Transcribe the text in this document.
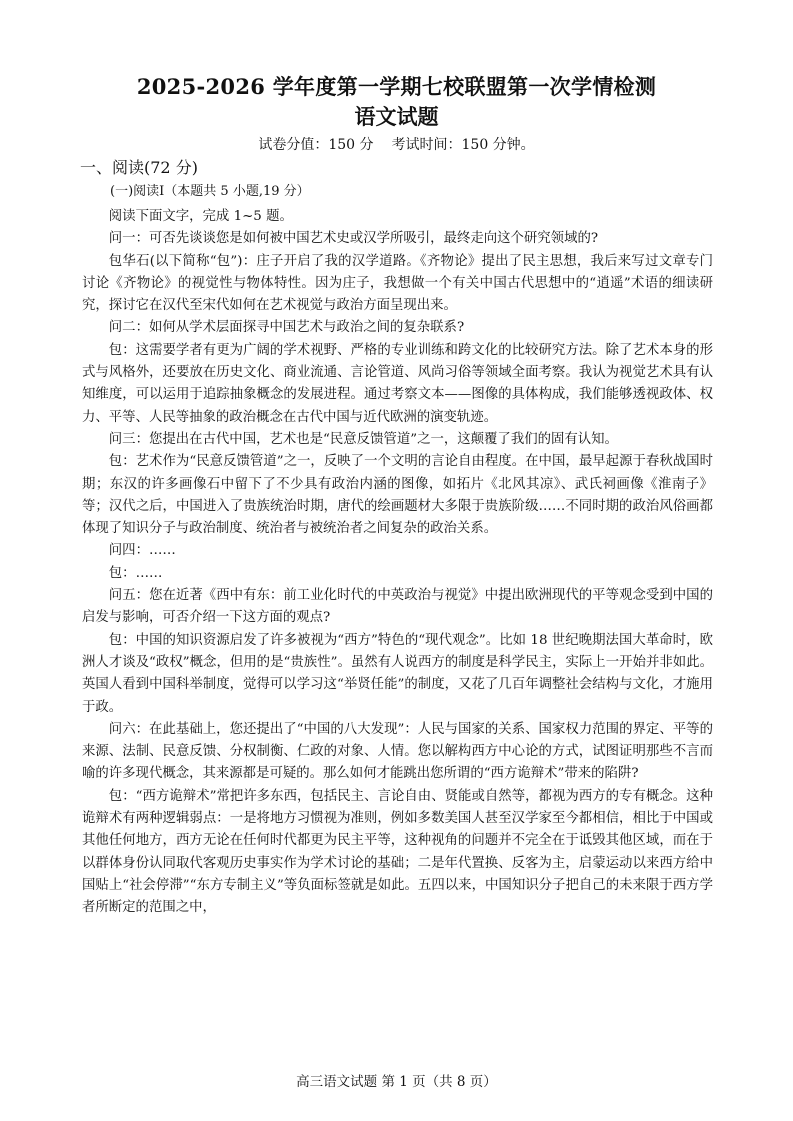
2025-2026 学年度第一学期七校联盟第一次学情检测
语文试题
试卷分值：150 分 考试时间：150 分钟。
一、阅读(72 分)
(一)阅读Ⅰ（本题共 5 小题,19 分）

阅读下面文字，完成 1~5 题。

问一：可否先谈谈您是如何被中国艺术史或汉学所吸引，最终走向这个研究领域的?

包华石(以下简称“包”)：庄子开启了我的汉学道路。《齐物论》提出了民主思想，我后来写过文章专门讨论《齐物论》的视觉性与物体特性。因为庄子，我想做一个有关中国古代思想中的“逍遥”术语的细读研究，探讨它在汉代至宋代如何在艺术视觉与政治方面呈现出来。

问二：如何从学术层面探寻中国艺术与政治之间的复杂联系?

包：这需要学者有更为广阔的学术视野、严格的专业训练和跨文化的比较研究方法。除了艺术本身的形式与风格外，还要放在历史文化、商业流通、言论管道、风尚习俗等领域全面考察。我认为视觉艺术具有认知维度，可以运用于追踪抽象概念的发展进程。通过考察文本——图像的具体构成，我们能够透视政体、权力、平等、人民等抽象的政治概念在古代中国与近代欧洲的演变轨迹。

问三：您提出在古代中国，艺术也是“民意反馈管道”之一，这颠覆了我们的固有认知。

包：艺术作为“民意反馈管道”之一，反映了一个文明的言论自由程度。在中国，最早起源于春秋战国时期；东汉的许多画像石中留下了不少具有政治内涵的图像，如拓片《北风其凉》、武氏祠画像《淮南子》等；汉代之后，中国进入了贵族统治时期，唐代的绘画题材大多限于贵族阶级……不同时期的政治风俗画都体现了知识分子与政治制度、统治者与被统治者之间复杂的政治关系。

问四：……

包：……

问五：您在近著《西中有东：前工业化时代的中英政治与视觉》中提出欧洲现代的平等观念受到中国的启发与影响，可否介绍一下这方面的观点?

包：中国的知识资源启发了许多被视为“西方”特色的“现代观念”。比如 18 世纪晚期法国大革命时，欧洲人才谈及“政权”概念，但用的是“贵族性”。虽然有人说西方的制度是科学民主，实际上一开始并非如此。英国人看到中国科举制度，觉得可以学习这“举贤任能”的制度，又花了几百年调整社会结构与文化，才施用于政。

问六：在此基础上，您还提出了“中国的八大发现”：人民与国家的关系、国家权力范围的界定、平等的来源、法制、民意反馈、分权制衡、仁政的对象、人情。您以解构西方中心论的方式，试图证明那些不言而喻的许多现代概念，其来源都是可疑的。那么如何才能跳出您所谓的“西方诡辩术”带来的陷阱?

包：“西方诡辩术”常把许多东西，包括民主、言论自由、贤能或自然等，都视为西方的专有概念。这种诡辩术有两种逻辑弱点：一是将地方习惯视为准则，例如多数美国人甚至汉学家至今都相信，相比于中国或其他任何地方，西方无论在任何时代都更为民主平等，这种视角的问题并不完全在于诋毁其他区域，而在于以群体身份认同取代客观历史事实作为学术讨论的基础；二是年代置换、反客为主，启蒙运动以来西方给中国贴上“社会停滞”“东方专制主义”等负面标签就是如此。五四以来，中国知识分子把自己的未来限于西方学者所断定的范围之中，

高三语文试题 第 1 页（共 8 页）
